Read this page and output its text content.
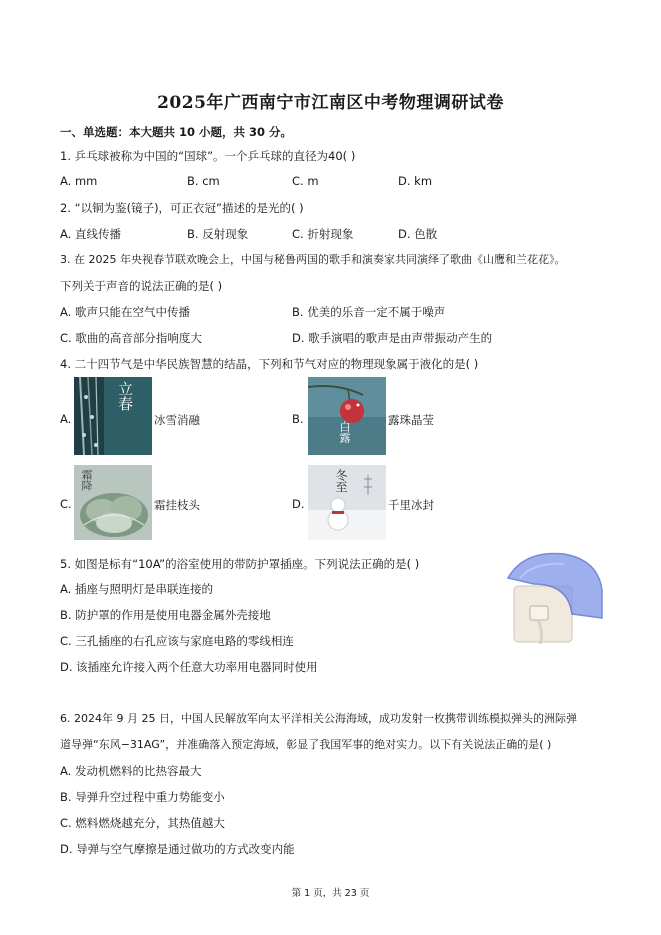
2025年广西南宁市江南区中考物理调研试卷
一、单选题：本大题共 10 小题，共 30 分。
1. 乒乓球被称为中国的“国球”。一个乒乓球的直径为40( )
A. mm	B. cm	C. m	D. km
2. “以铜为鉴(镜子)，可正衣冠”描述的是光的( )
A. 直线传播	B. 反射现象	C. 折射现象	D. 色散
3. 在 2025 年央视春节联欢晚会上，中国与秘鲁两国的歌手和演奏家共同演绎了歌曲《山鹰和兰花花》。
下列关于声音的说法正确的是( )
A. 歌声只能在空气中传播	B. 优美的乐音一定不属于噪声
C. 歌曲的高音部分指响度大	D. 歌手演唱的歌声是由声带振动产生的
4. 二十四节气是中华民族智慧的结晶，下列和节气对应的物理现象属于液化的是( )
A.
立春
冰雪消融	B.
白露
露珠晶莹
C.
霜降
霜挂枝头	D.
冬至
千里冰封
5. 如图是标有“10A”的浴室使用的带防护罩插座。下列说法正确的是( )
A. 插座与照明灯是串联连接的
B. 防护罩的作用是使用电器金属外壳接地
C. 三孔插座的右孔应该与家庭电路的零线相连
D. 该插座允许接入两个任意大功率用电器同时使用
6. 2024年 9 月 25 日，中国人民解放军向太平洋相关公海海域，成功发射一枚携带训练模拟弹头的洲际弹
道导弹“东风−31AG”，并准确落入预定海域，彰显了我国军事的绝对实力。以下有关说法正确的是( )
A. 发动机燃料的比热容最大
B. 导弹升空过程中重力势能变小
C. 燃料燃烧越充分，其热值越大
D. 导弹与空气摩擦是通过做功的方式改变内能
第 1 页，共 23 页
